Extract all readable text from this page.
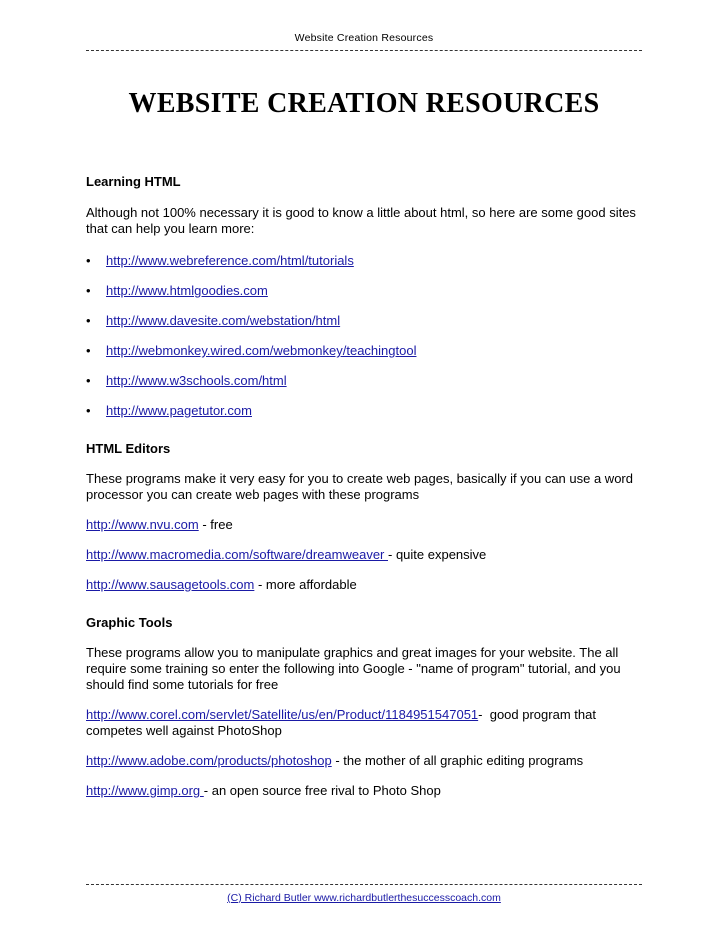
Website Creation Resources
WEBSITE CREATION RESOURCES
Learning HTML

Although not 100% necessary it is good to know a little about html, so here are some good sites that can help you learn more:

• http://www.webreference.com/html/tutorials
• http://www.htmlgoodies.com
• http://www.davesite.com/webstation/html
• http://webmonkey.wired.com/webmonkey/teachingtool
• http://www.w3schools.com/html
• http://www.pagetutor.com
HTML Editors

These programs make it very easy for you to create web pages, basically if you can use a word processor you can create web pages with these programs

http://www.nvu.com - free

http://www.macromedia.com/software/dreamweaver - quite expensive

http://www.sausagetools.com - more affordable

Graphic Tools

These programs allow you to manipulate graphics and great images for your website. The all require some training so enter the following into Google - "name of program" tutorial, and you should find some tutorials for free

http://www.corel.com/servlet/Satellite/us/en/Product/1184951547051-  good program that competes well against PhotoShop

http://www.adobe.com/products/photoshop - the mother of all graphic editing programs

http://www.gimp.org - an open source free rival to Photo Shop

(C) Richard Butler www.richardbutlerthesuccesscoach.com
